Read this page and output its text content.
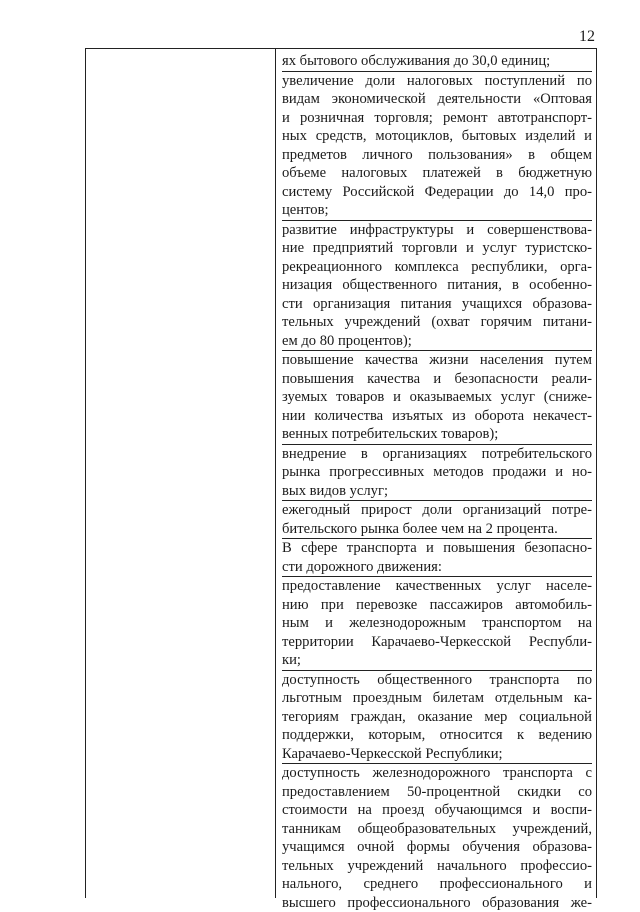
12
ях бытового обслуживания до 30,0 единиц;
увеличение доли налоговых поступлений по
видам экономической деятельности «Оптовая
и розничная торговля; ремонт автотранспорт-
ных средств, мотоциклов, бытовых изделий и
предметов личного пользования» в общем
объеме налоговых платежей в бюджетную
систему Российской Федерации до 14,0 про-
центов;
развитие инфраструктуры и совершенствова-
ние предприятий торговли и услуг туристско-
рекреационного комплекса республики, орга-
низация общественного питания, в особенно-
сти организация питания учащихся образова-
тельных учреждений (охват горячим питани-
ем до 80 процентов);
повышение качества жизни населения путем
повышения качества и безопасности реали-
зуемых товаров и оказываемых услуг (сниже-
нии количества изъятых из оборота некачест-
венных потребительских товаров);
внедрение в организациях потребительского
рынка прогрессивных методов продажи и но-
вых видов услуг;
ежегодный прирост доли организаций потре-
бительского рынка более чем на 2 процента.
В сфере транспорта и повышения безопасно-
сти дорожного движения:
предоставление качественных услуг населе-
нию при перевозке пассажиров автомобиль-
ным и железнодорожным транспортом на
территории Карачаево-Черкесской Республи-
ки;
доступность общественного транспорта по
льготным проездным билетам отдельным ка-
тегориям граждан, оказание мер социальной
поддержки, которым, относится к ведению
Карачаево-Черкесской Республики;
доступность железнодорожного транспорта с
предоставлением 50-процентной скидки со
стоимости на проезд обучающимся и воспи-
танникам общеобразовательных учреждений,
учащимся очной формы обучения образова-
тельных учреждений начального профессио-
нального, среднего профессионального и
высшего профессионального образования же-
